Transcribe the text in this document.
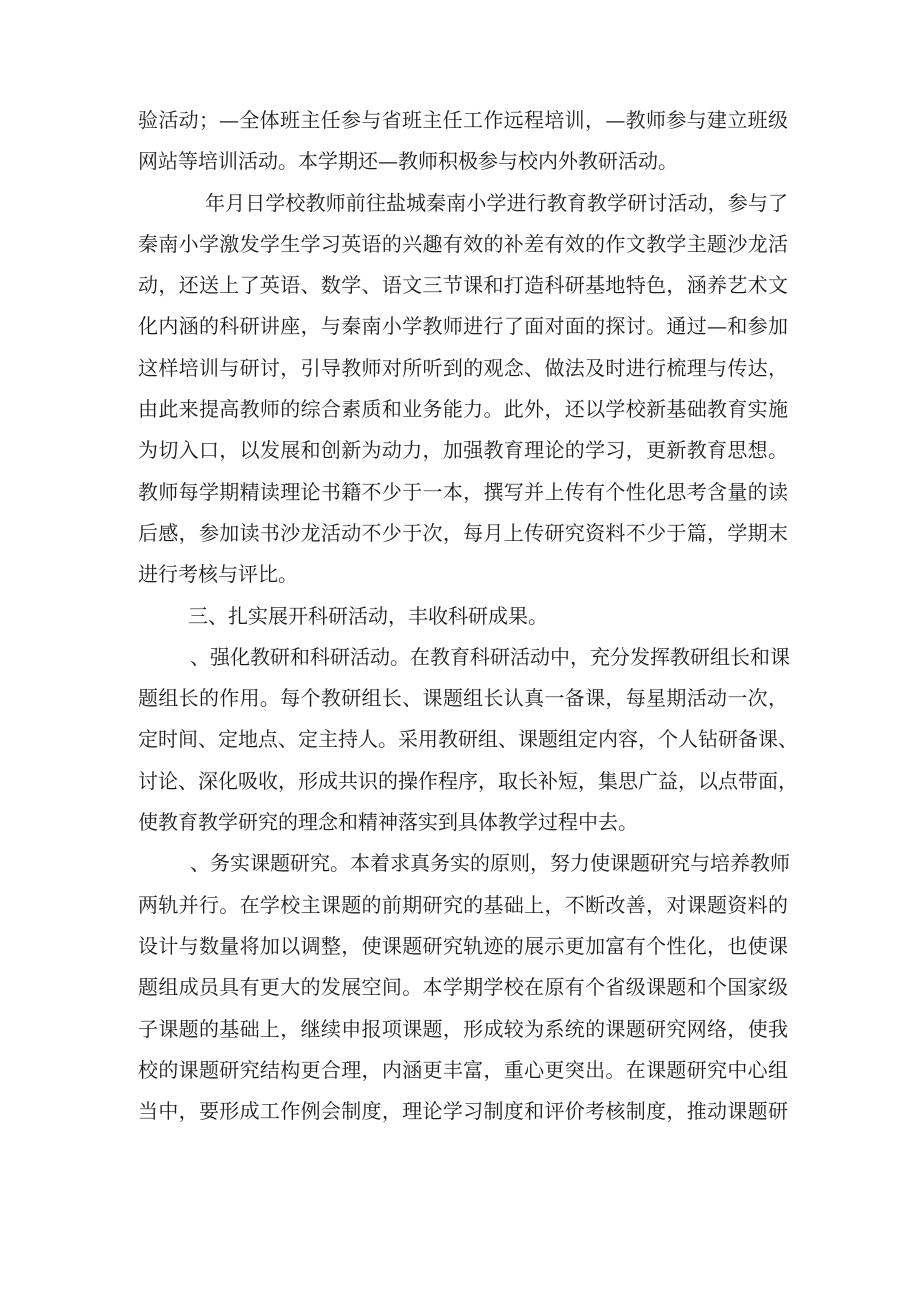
验活动；—全体班主任参与省班主任工作远程培训，—教师参与建立班级
网站等培训活动。本学期还—教师积极参与校内外教研活动。
年月日学校教师前往盐城秦南小学进行教育教学研讨活动，参与了
秦南小学激发学生学习英语的兴趣有效的补差有效的作文教学主题沙龙活
动，还送上了英语、数学、语文三节课和打造科研基地特色，涵养艺术文
化内涵的科研讲座，与秦南小学教师进行了面对面的探讨。通过—和参加
这样培训与研讨，引导教师对所听到的观念、做法及时进行梳理与传达，
由此来提高教师的综合素质和业务能力。此外，还以学校新基础教育实施
为切入口，以发展和创新为动力，加强教育理论的学习，更新教育思想。
教师每学期精读理论书籍不少于一本，撰写并上传有个性化思考含量的读
后感，参加读书沙龙活动不少于次，每月上传研究资料不少于篇，学期末
进行考核与评比。
三、扎实展开科研活动，丰收科研成果。
、强化教研和科研活动。在教育科研活动中，充分发挥教研组长和课
题组长的作用。每个教研组长、课题组长认真一备课，每星期活动一次，
定时间、定地点、定主持人。采用教研组、课题组定内容，个人钻研备课、
讨论、深化吸收，形成共识的操作程序，取长补短，集思广益，以点带面，
使教育教学研究的理念和精神落实到具体教学过程中去。
、务实课题研究。本着求真务实的原则，努力使课题研究与培养教师
两轨并行。在学校主课题的前期研究的基础上，不断改善，对课题资料的
设计与数量将加以调整，使课题研究轨迹的展示更加富有个性化，也使课
题组成员具有更大的发展空间。本学期学校在原有个省级课题和个国家级
子课题的基础上，继续申报项课题，形成较为系统的课题研究网络，使我
校的课题研究结构更合理，内涵更丰富，重心更突出。在课题研究中心组
当中，要形成工作例会制度，理论学习制度和评价考核制度，推动课题研
